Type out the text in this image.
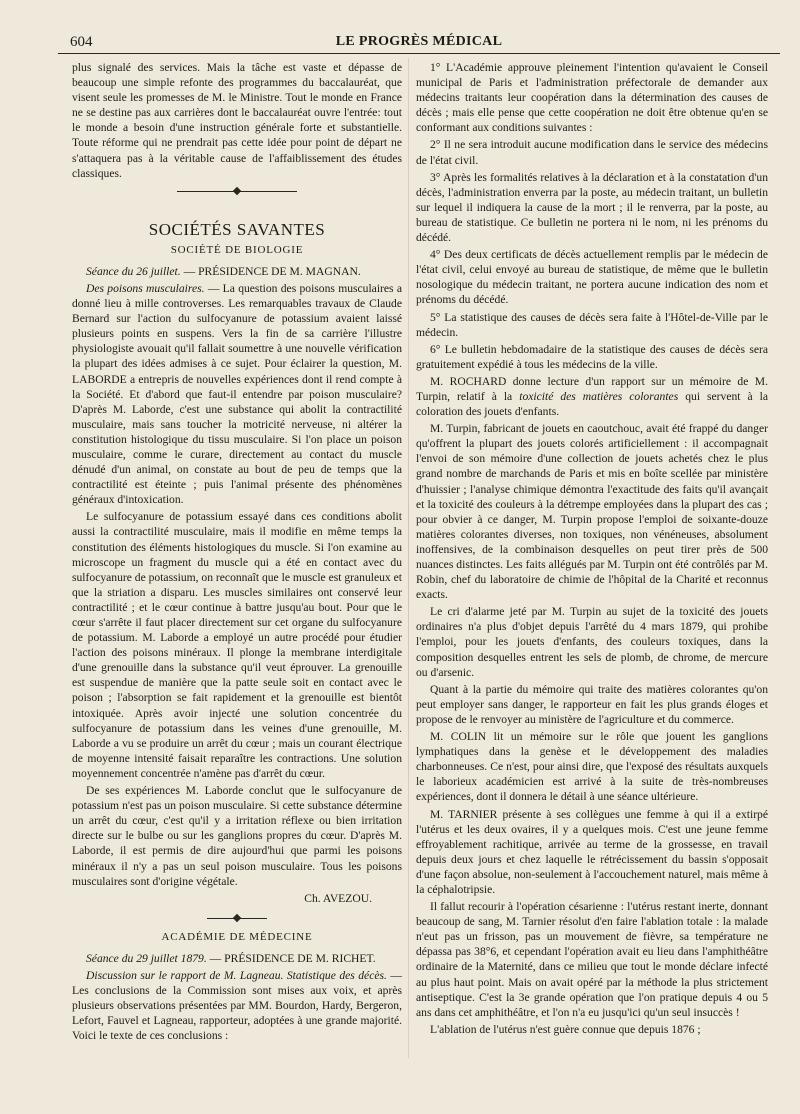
604	LE PROGRÈS MÉDICAL

plus signalé des services. Mais la tâche est vaste et dépasse de beaucoup une simple refonte des programmes du baccalauréat, que visent seule les promesses de M. le Ministre. Tout le monde en France ne se destine pas aux carrières dont le baccalauréat ouvre l'entrée: tout le monde a besoin d'une instruction générale forte et substantielle. Toute réforme qui ne prendrait pas cette idée pour point de départ ne s'attaquera pas à la véritable cause de l'affaiblissement des études classiques.

SOCIÉTÉS SAVANTES
SOCIÉTÉ DE BIOLOGIE

Séance du 26 juillet. — PRÉSIDENCE DE M. MAGNAN.

Des poisons musculaires. — La question des poisons musculaires a donné lieu à mille controverses. Les remarquables travaux de Claude Bernard sur l'action du sulfocyanure de potassium avaient laissé plusieurs points en suspens. Vers la fin de sa carrière l'illustre physiologiste avouait qu'il fallait soumettre à une nouvelle vérification la plupart des idées admises à ce sujet. Pour éclairer la question, M. LABORDE a entrepris de nouvelles expériences dont il rend compte à la Société. Et d'abord que faut-il entendre par poison musculaire? D'après M. Laborde, c'est une substance qui abolit la contractilité musculaire, mais sans toucher la motricité nerveuse, ni altérer la constitution histologique du tissu musculaire. Si l'on place un poison musculaire, comme le curare, directement au contact du muscle dénudé d'un animal, on constate au bout de peu de temps que la contractilité est éteinte ; puis l'animal présente des phénomènes généraux d'intoxication.

Le sulfocyanure de potassium essayé dans ces conditions abolit aussi la contractilité musculaire, mais il modifie en même temps la constitution des éléments histologiques du muscle. Si l'on examine au microscope un fragment du muscle qui a été en contact avec du sulfocyanure de potassium, on reconnaît que le muscle est granuleux et que la striation a disparu. Les muscles similaires ont conservé leur contractilité ; et le cœur continue à battre jusqu'au bout. Pour que le cœur s'arrête il faut placer directement sur cet organe du sulfocyanure de potassium. M. Laborde a employé un autre procédé pour étudier l'action des poisons minéraux. Il plonge la membrane interdigitale d'une grenouille dans la substance qu'il veut éprouver. La grenouille est suspendue de manière que la patte seule soit en contact avec le poison ; l'absorption se fait rapidement et la grenouille est bientôt intoxiquée. Après avoir injecté une solution concentrée du sulfocyanure de potassium dans les veines d'une grenouille, M. Laborde a vu se produire un arrêt du cœur ; mais un courant électrique de moyenne intensité faisait reparaître les contractions. Une solution moyennement concentrée n'amène pas d'arrêt du cœur.

De ses expériences M. Laborde conclut que le sulfocyanure de potassium n'est pas un poison musculaire. Si cette substance détermine un arrêt du cœur, c'est qu'il y a irritation réflexe ou bien irritation directe sur le bulbe ou sur les ganglions propres du cœur. D'après M. Laborde, il est permis de dire aujourd'hui que parmi les poisons minéraux il n'y a pas un seul poison musculaire. Tous les poisons musculaires sont d'origine végétale.

Ch. AVEZOU.

ACADÉMIE DE MÉDECINE

Séance du 29 juillet 1879. — PRÉSIDENCE DE M. RICHET.

Discussion sur le rapport de M. Lagneau. Statistique des décès. — Les conclusions de la Commission sont mises aux voix, et après plusieurs observations présentées par MM. Bourdon, Hardy, Bergeron, Lefort, Fauvel et Lagneau, rapporteur, adoptées à une grande majorité. Voici le texte de ces conclusions :

1° L'Académie approuve pleinement l'intention qu'avaient le Conseil municipal de Paris et l'administration préfectorale de demander aux médecins traitants leur coopération dans la détermination des causes de décès ; mais elle pense que cette coopération ne doit être obtenue qu'en se conformant aux conditions suivantes :

2° Il ne sera introduit aucune modification dans le service des médecins de l'état civil.

3° Après les formalités relatives à la déclaration et à la constatation d'un décès, l'administration enverra par la poste, au médecin traitant, un bulletin sur lequel il indiquera la cause de la mort ; il le renverra, par la poste, au bureau de statistique. Ce bulletin ne portera ni le nom, ni les prénoms du décédé.

4° Des deux certificats de décès actuellement remplis par le médecin de l'état civil, celui envoyé au bureau de statistique, de même que le bulletin nosologique du médecin traitant, ne portera aucune indication des nom et prénoms du décédé.

5° La statistique des causes de décès sera faite à l'Hôtel-de-Ville par le médecin.

6° Le bulletin hebdomadaire de la statistique des causes de décès sera gratuitement expédié à tous les médecins de la ville.

M. ROCHARD donne lecture d'un rapport sur un mémoire de M. Turpin, relatif à la toxicité des matières colorantes qui servent à la coloration des jouets d'enfants.

M. Turpin, fabricant de jouets en caoutchouc, avait été frappé du danger qu'offrent la plupart des jouets colorés artificiellement : il accompagnait l'envoi de son mémoire d'une collection de jouets achetés chez le plus grand nombre de marchands de Paris et mis en boîte scellée par ministère d'huissier ; l'analyse chimique démontra l'exactitude des faits qu'il avançait et la toxicité des couleurs à la détrempe employées dans la plupart des cas ; pour obvier à ce danger, M. Turpin propose l'emploi de soixante-douze matières colorantes diverses, non toxiques, non vénéneuses, absolument inoffensives, de la combinaison desquelles on peut tirer près de 500 nuances distinctes. Les faits allégués par M. Turpin ont été contrôlés par M. Robin, chef du laboratoire de chimie de l'hôpital de la Charité et reconnus exacts.

Le cri d'alarme jeté par M. Turpin au sujet de la toxicité des jouets ordinaires n'a plus d'objet depuis l'arrêté du 4 mars 1879, qui prohibe l'emploi, pour les jouets d'enfants, des couleurs toxiques, dans la composition desquelles entrent les sels de plomb, de chrome, de mercure ou d'arsenic.

Quant à la partie du mémoire qui traite des matières colorantes qu'on peut employer sans danger, le rapporteur en fait les plus grands éloges et propose de le renvoyer au ministère de l'agriculture et du commerce.

M. COLIN lit un mémoire sur le rôle que jouent les ganglions lymphatiques dans la genèse et le développement des maladies charbonneuses. Ce n'est, pour ainsi dire, que l'exposé des résultats auxquels le laborieux académicien est arrivé à la suite de très-nombreuses expériences, dont il donnera le détail à une séance ultérieure.

M. TARNIER présente à ses collègues une femme à qui il a extirpé l'utérus et les deux ovaires, il y a quelques mois. C'est une jeune femme effroyablement rachitique, arrivée au terme de la grossesse, en travail depuis deux jours et chez laquelle le rétrécissement du bassin s'opposait d'une façon absolue, non-seulement à l'accouchement naturel, mais même à la céphalotripsie.

Il fallut recourir à l'opération césarienne : l'utérus restant inerte, donnant beaucoup de sang, M. Tarnier résolut d'en faire l'ablation totale : la malade n'eut pas un frisson, pas un mouvement de fièvre, sa température ne dépassa pas 38°6, et cependant l'opération avait eu lieu dans l'amphithéâtre ordinaire de la Maternité, dans ce milieu que tout le monde déclare infecté au plus haut point. Mais on avait opéré par la méthode la plus strictement antiseptique. C'est la 3e grande opération que l'on pratique depuis 4 ou 5 ans dans cet amphithéâtre, et l'on n'a eu jusqu'ici qu'un seul insuccès !

L'ablation de l'utérus n'est guère connue que depuis 1876 ;
